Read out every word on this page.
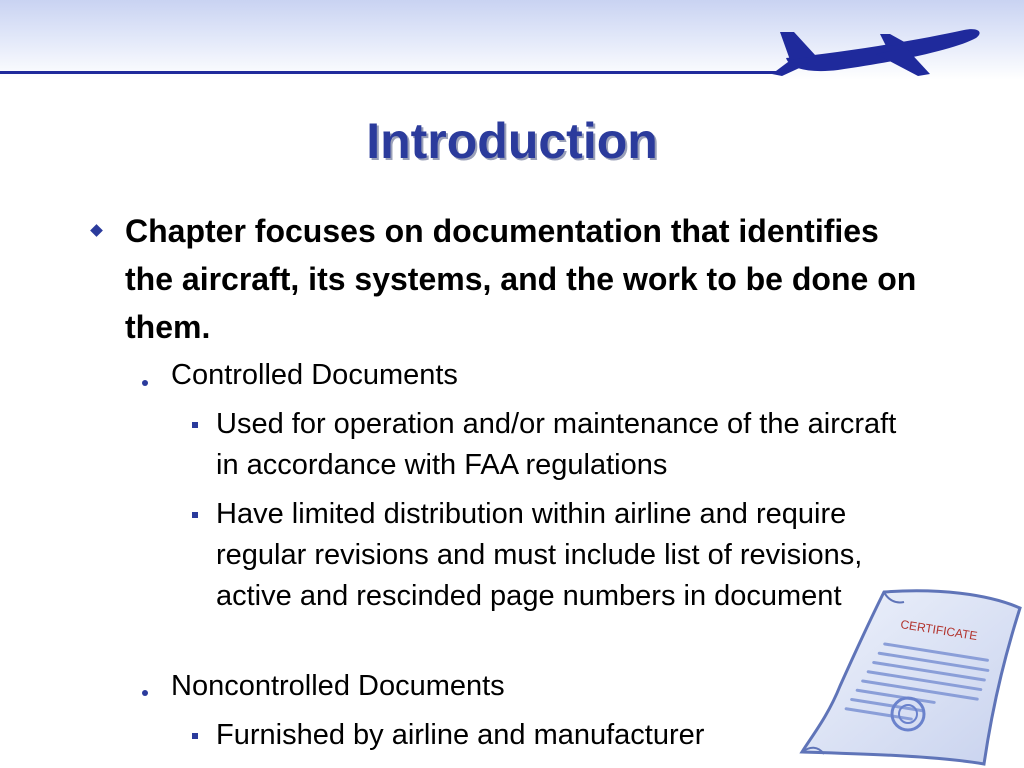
Introduction
Chapter focuses on documentation that identifies the aircraft, its systems, and the work to be done on them.
Controlled Documents
Used for operation and/or maintenance of the aircraft in accordance with FAA regulations
Have limited distribution within airline and require regular revisions and must include list of revisions, active and rescinded page numbers in document
Noncontrolled Documents
Furnished by airline and manufacturer
CERTIFICATE
